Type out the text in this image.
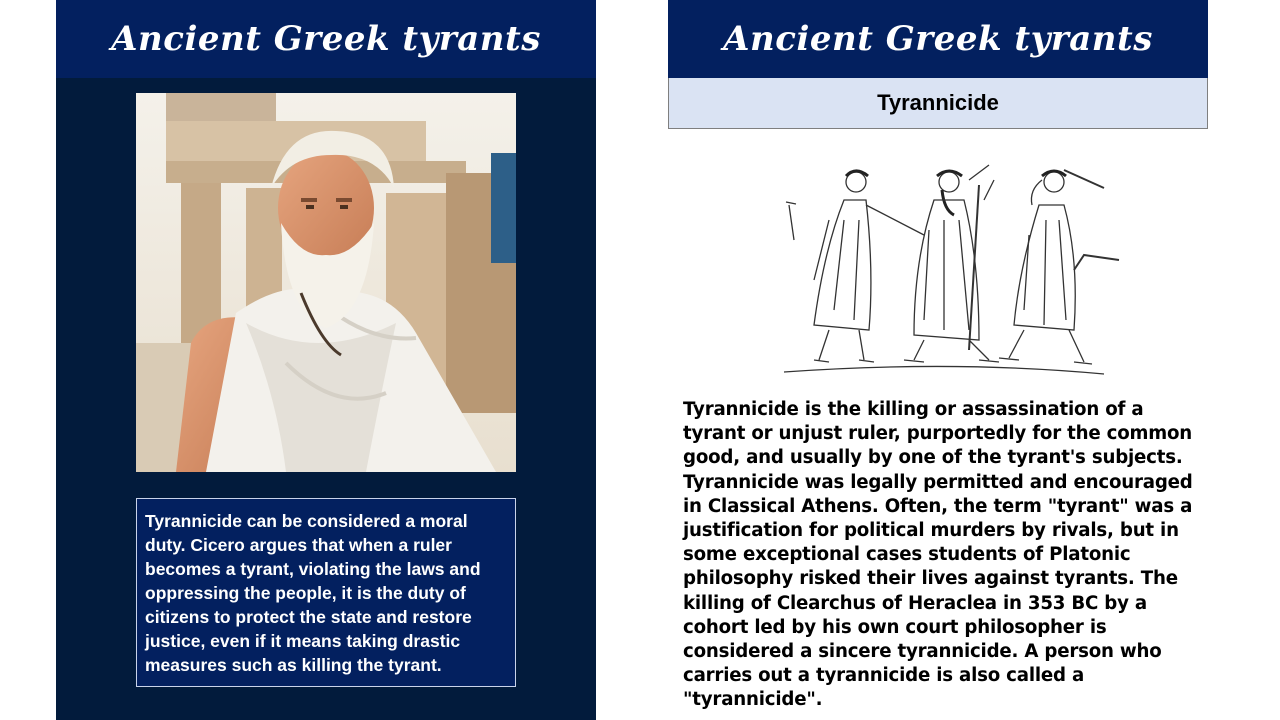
Ancient Greek tyrants
Tyrannicide can be considered a moral duty. Cicero argues that when a ruler becomes a tyrant, violating the laws and oppressing the people, it is the duty of citizens to protect the state and restore justice, even if it means taking drastic measures such as killing the tyrant.
Ancient Greek tyrants
Tyrannicide
Tyrannicide is the killing or assassination of a tyrant or unjust ruler, purportedly for the common good, and usually by one of the tyrant's subjects. Tyrannicide was legally permitted and encouraged in Classical Athens. Often, the term "tyrant" was a justification for political murders by rivals, but in some exceptional cases students of Platonic philosophy risked their lives against tyrants. The killing of Clearchus of Heraclea in 353 BC by a cohort led by his own court philosopher is considered a sincere tyrannicide. A person who carries out a tyrannicide is also called a "tyrannicide".
